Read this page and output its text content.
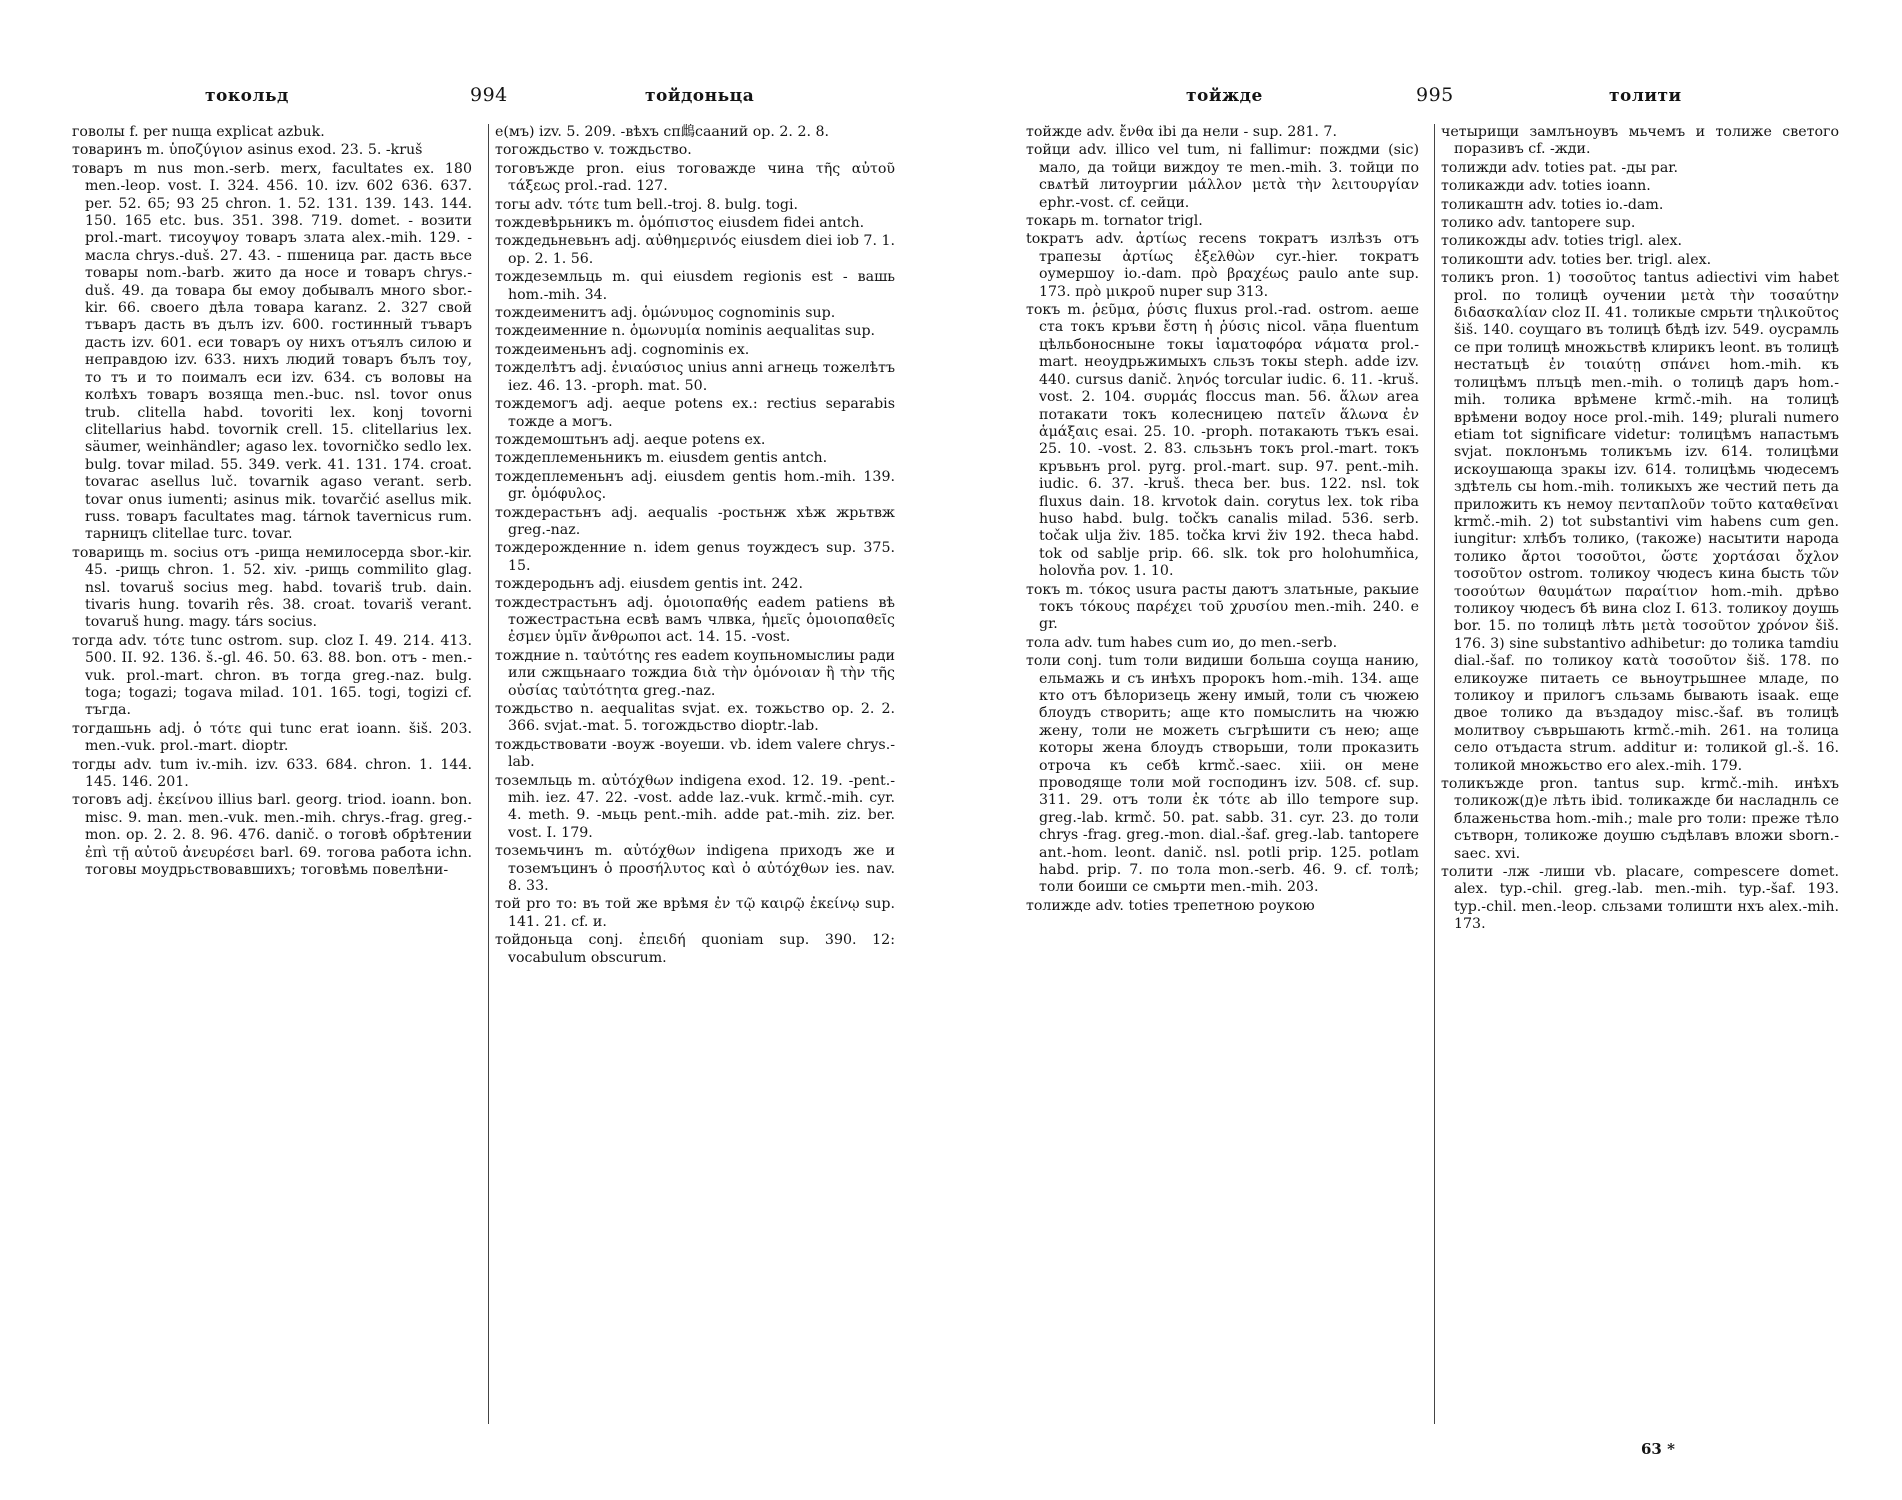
токольд	994	тойдоньца

говолы f. per nuща explicat azbuk.

товаринъ m. ὑποζύγιον asinus exod. 23. 5. -kruš

товаръ m nus mon.-serb. merx, facultates ex. 180 men.-leop. vost. I. 324. 456. 10. izv. 602 636. 637. per. 52. 65; 93 25 chron. 1. 52. 131. 139. 143. 144. 150. 165 etc. bus. 351. 398. 719. domet. - возити prol.-mart. тисоуψоу товаръ злата alex.-mih. 129. - масла chrys.-duš. 27. 43. - пшеница par. дасть вьсе товары nom.-barb. жито да носе и товаръ chrys.-duš. 49. да товара бы емоу добывалъ много sbor.-kir. 66. своего дѣла товара karanz. 2. 327 свой тъваръ дасть въ дълъ izv. 600. гостинный тъваръ дасть izv. 601. еси товаръ оу нихъ отъялъ силою и неправдою izv. 633. нихъ людий товаръ бълъ тоу, то тъ и то поималъ еси izv. 634. съ воловы на колѣхъ товаръ возяща men.-buc. nsl. tovor onus trub. clitella habd. tovoriti lex. konj tovorni clitellarius habd. tovornik crell. 15. clitellarius lex. säumer, weinhändler; agaso lex. tovorničko sedlo lex. bulg. tovar milad. 55. 349. verk. 41. 131. 174. croat. tovarac asellus luč. tovarnik agaso verant. serb. tovar onus iumenti; asinus mik. tovarčić asellus mik. russ. товаръ facultates mag. tárnok tavernicus rum. тарницъ clitellae turc. tovar.

товарищь m. socius отъ -рища немилосерда sbor.-kir. 45. -рищь chron. 1. 52. xiv. -рищь commilito glag. nsl. tovaruš socius meg. habd. tovariš trub. dain. tivaris hung. tovarih rês. 38. croat. tovariš verant. tovaruš hung. magy. társ socius.

тогда adv. τότε tunc ostrom. sup. cloz I. 49. 214. 413. 500. II. 92. 136. š.-gl. 46. 50. 63. 88. bon. отъ - men.-vuk. prol.-mart. chron. въ тогда greg.-naz. bulg. toga; togazi; togava milad. 101. 165. togi, togizi cf. тъгда.

тогдашьнь adj. ὁ τότε qui tunc erat ioann. šiš. 203. men.-vuk. prol.-mart. dioptr.

тогды adv. tum iv.-mih. izv. 633. 684. chron. 1. 144. 145. 146. 201.

тоговъ adj. ἐκείνου illius barl. georg. triod. ioann. bon. misc. 9. man. men.-vuk. men.-mih. chrys.-frag. greg.-mon. op. 2. 2. 8. 96. 476. danič. о тоговѣ обрѣтении ἐπὶ τῇ αὐτοῦ ἀνευρέσει barl. 69. тогова работа ichn. тоговы моудрьствовавшихъ; тоговѣмь повелѣни-

е(мъ) izv. 5. 209. -вѣхъ сп䳄сааний op. 2. 2. 8.

тогождьство v. тождьство.

тоговъжде pron. eius тоговажде чина τῆς αὐτοῦ τάξεως prol.-rad. 127.

тогы adv. τότε tum bell.-troj. 8. bulg. togi.

тождевѣрьникъ m. ὁμόπιστος eiusdem fidei antch.

тождедьневьнъ adj. αὐθημερινός eiusdem diei iob 7. 1. op. 2. 1. 56.

тождеземльць m. qui eiusdem regionis est - вашь hom.-mih. 34.

тождеименитъ adj. ὁμώνυμος cognominis sup.

тождеименние n. ὁμωνυμία nominis aequalitas sup.

тождеименьнъ adj. cognominis ex.

тожделѣтъ adj. ἐνιαύσιος unius anni агнець тожелѣтъ iez. 46. 13. -proph. mat. 50.

тождемогъ adj. aeque potens ex.: rectius separabis тожде a могъ.

тождемоштьнъ adj. aeque potens ex.

тождеплеменьникъ m. eiusdem gentis antch.

тождеплеменьнъ adj. eiusdem gentis hom.-mih. 139. gr. ὁμόφυλος.

тождерастьнъ adj. aequalis -ростьнж хѣж жрьтвж greg.-naz.

тождерожденние n. idem genus тоуждесъ sup. 375. 15.

тождеродьнъ adj. eiusdem gentis int. 242.

тождестрастьнъ adj. ὁμοιοπαθής eadem patiens вѣ тожестрастьна есвѣ вамъ члвка, ἡμεῖς ὁμοιοπαθεῖς ἐσμεν ὑμῖν ἄνθρωποι act. 14. 15. -vost.

тождние n. ταὐτότης res eadem коупьномыслиы ради или сжщьнааго тождиа διὰ τὴν ὁμόνοιαν ἢ τὴν τῆς οὐσίας ταὐτότητα greg.-naz.

тождьство n. aequalitas svjat. ex. тожьство op. 2. 2. 366. svjat.-mat. 5. тогождьство dioptr.-lab.

тождьствовати -воуж -воуеши. vb. idem valere chrys.-lab.

тоземльць m. αὐτόχθων indigena exod. 12. 19. -pent.-mih. iez. 47. 22. -vost. adde laz.-vuk. krmč.-mih. cyr. 4. meth. 9. -мьць pent.-mih. adde pat.-mih. ziz. ber. vost. I. 179.

тоземьчинъ m. αὐτόχθων indigena приходъ же и тоземъцинъ ὁ προσήλυτος καὶ ὁ αὐτόχθων ies. nav. 8. 33.

той pro то: въ той же врѣмя ἐν τῷ καιρῷ ἐκείνῳ sup. 141. 21. cf. и.

тойдоньца conj. ἐπειδή quoniam sup. 390. 12: vocabulum obscurum.

тойжде	995	толити

тойжде adv. ἔνθα ibi да нели - sup. 281. 7.

тойци adv. illico vel tum, ni fallimur: пождми (sic) мало, да тойци виждоу те men.-mih. 3. тойци по свѧтѣй литоургии μάλλον μετὰ τὴν λειτουργίαν ephr.-vost. cf. сейци.

токарь m. tornator trigl.

tократъ adv. ἀρτίως recens тократъ излѣзъ отъ трапезы ἀρτίως ἐξελθὼν cyr.-hier. тократъ оумершоу io.-dam. πρὸ βραχέως paulo ante sup. 173. πρὸ μικροῦ nuper sup 313.

токъ m. ῥεῦμα, ῥύσις fluxus prol.-rad. ostrom. аеше ста токъ кръви ἔστη ἡ ῥύσις nicol. vāṇa fluentum цѣльбоносныне токы ἰαματοφόρα νάματα prol.-mart. неоудрьжимыхъ сльзъ токы steph. adde izv. 440. cursus danič. ληνός torcular iudic. 6. 11. -kruš. vost. 2. 104. συρμάς floccus man. 56. ἅλων area потакати токъ колесницею πατεῖν ἅλωνα ἐν ἁμάξαις esai. 25. 10. -proph. потакають тъкъ esai. 25. 10. -vost. 2. 83. сльзьнъ токъ prol.-mart. токъ кръвьнъ prol. pyrg. prol.-mart. sup. 97. pent.-mih. iudic. 6. 37. -kruš. theca ber. bus. 122. nsl. tok fluxus dain. 18. krvotok dain. corytus lex. tok riba huso habd. bulg. točkъ canalis milad. 536. serb. točak ulja živ. 185. točka krvi živ 192. theca habd. tok od sablje prip. 66. slk. tok pro holohumňica, holovňa pov. 1. 10.

токъ m. τόκος usura расты даютъ златьные, ракыие токъ τόκους παρέχει τοῦ χρυσίου men.-mih. 240. e gr.

тола adv. tum habes cum ио, до men.-serb.

толи conj. tum толи видиши больша соуща нанию, ельмажь и съ инѣхъ пророкъ hom.-mih. 134. аще кто отъ бѣлоризець жену имый, толи съ чюжею блоудъ створить; аще кто помыслить на чюжю жену, толи не можеть съгрѣшити съ нею; аще которы жена блоудъ створьши, толи проказить отроча къ себѣ krmč.-saec. xiii. он мене проводяще толи мой господинъ izv. 508. cf. sup. 311. 29. отъ толи ἐκ τότε ab illo tempore sup. greg.-lab. krmč. 50. pat. sabb. 31. cyr. 23. до толи chrys -frag. greg.-mon. dial.-šaf. greg.-lab. tantopere ant.-hom. leont. danič. nsl. potli prip. 125. potlam habd. prip. 7. по тола mon.-serb. 46. 9. cf. толѣ; толи боиши се смьрти men.-mih. 203.

толижде adv. toties трепетною роукою

четырищи замлъноувъ мьчемъ и толиже светого поразивъ cf. -жди.

толижди adv. toties pat. -ды par.

толикажди adv. toties ioann.

толикаштн adv. toties io.-dam.

толико adv. tantopere sup.

толикожды adv. toties trigl. alex.

толикошти adv. toties ber. trigl. alex.

толикъ pron. 1) τοσοῦτος tantus adiectivi vim habet prol. по толицѣ оучении μετὰ τὴν τοσαύτην διδασκαλίαν cloz II. 41. толикые смрьти τηλικοῦτος šiš. 140. соущаго въ толицѣ бѣдѣ izv. 549. оусрамль се при толицѣ множьствѣ клирикъ leont. въ толицѣ нестатьцѣ ἐν τοιαύτῃ σπάνει hom.-mih. къ толицѣмъ плъцѣ men.-mih. о толицѣ даръ hom.-mih. толика врѣмене krmč.-mih. на толицѣ врѣмени водоу носе prol.-mih. 149; plurali numero etiam tot significare videtur: толицѣмъ напастьмъ svjat. поклонъмь толикъмь izv. 614. толицѣми искоушающа зракы izv. 614. толицѣмь чюдесемъ здѣтель сы hom.-mih. толикыхъ же честий петь да приложить къ немоу πενταπλοῦν τοῦτο καταθεῖναι krmč.-mih. 2) tot substantivi vim habens cum gen. iungitur: хлѣбъ толико, (такоже) насытити народа толико ἄρτοι τοσοῦτοι, ὥστε χορτάσαι ὄχλον τοσοῦτον ostrom. толикоу чюдесъ кина бысть τῶν τοσούτων θαυμάτων παραίτιον hom.-mih. дрѣво толикоу чюдесъ бѣ вина cloz I. 613. толикоу доушь bor. 15. по толицѣ лѣть μετὰ τοσοῦτον χρόνον šiš. 176. 3) sine substantivo adhibetur: до толика tamdiu dial.-šaf. по толикоу κατὰ τοσοῦτον šiš. 178. по еликоуже питаеть се вьноутрьшнее младе, по толикоу и прилогъ сльзамь бывають isaak. еще двое толико да въздадоу misc.-šaf. въ толицѣ молитвоу съврьшають krmč.-mih. 261. на толица село отъдаста strum. additur и: толикой gl.-š. 16. толикой множьство его alex.-mih. 179.

толикъжде pron. tantus sup. krmč.-mih. инѣхъ толикож(д)е лѣть ibid. толикажде би насладнль се блаженьства hom.-mih.; male pro толи: преже тѣло сътворн, толикоже доушю съдѣлавъ вложи sborn.-saec. xvi.

толити -лж -лиши vb. placare, compescere domet. alex. typ.-chil. greg.-lab. men.-mih. typ.-šaf. 193. typ.-chil. men.-leop. сльзами толишти нхъ alex.-mih. 173.

63 *
